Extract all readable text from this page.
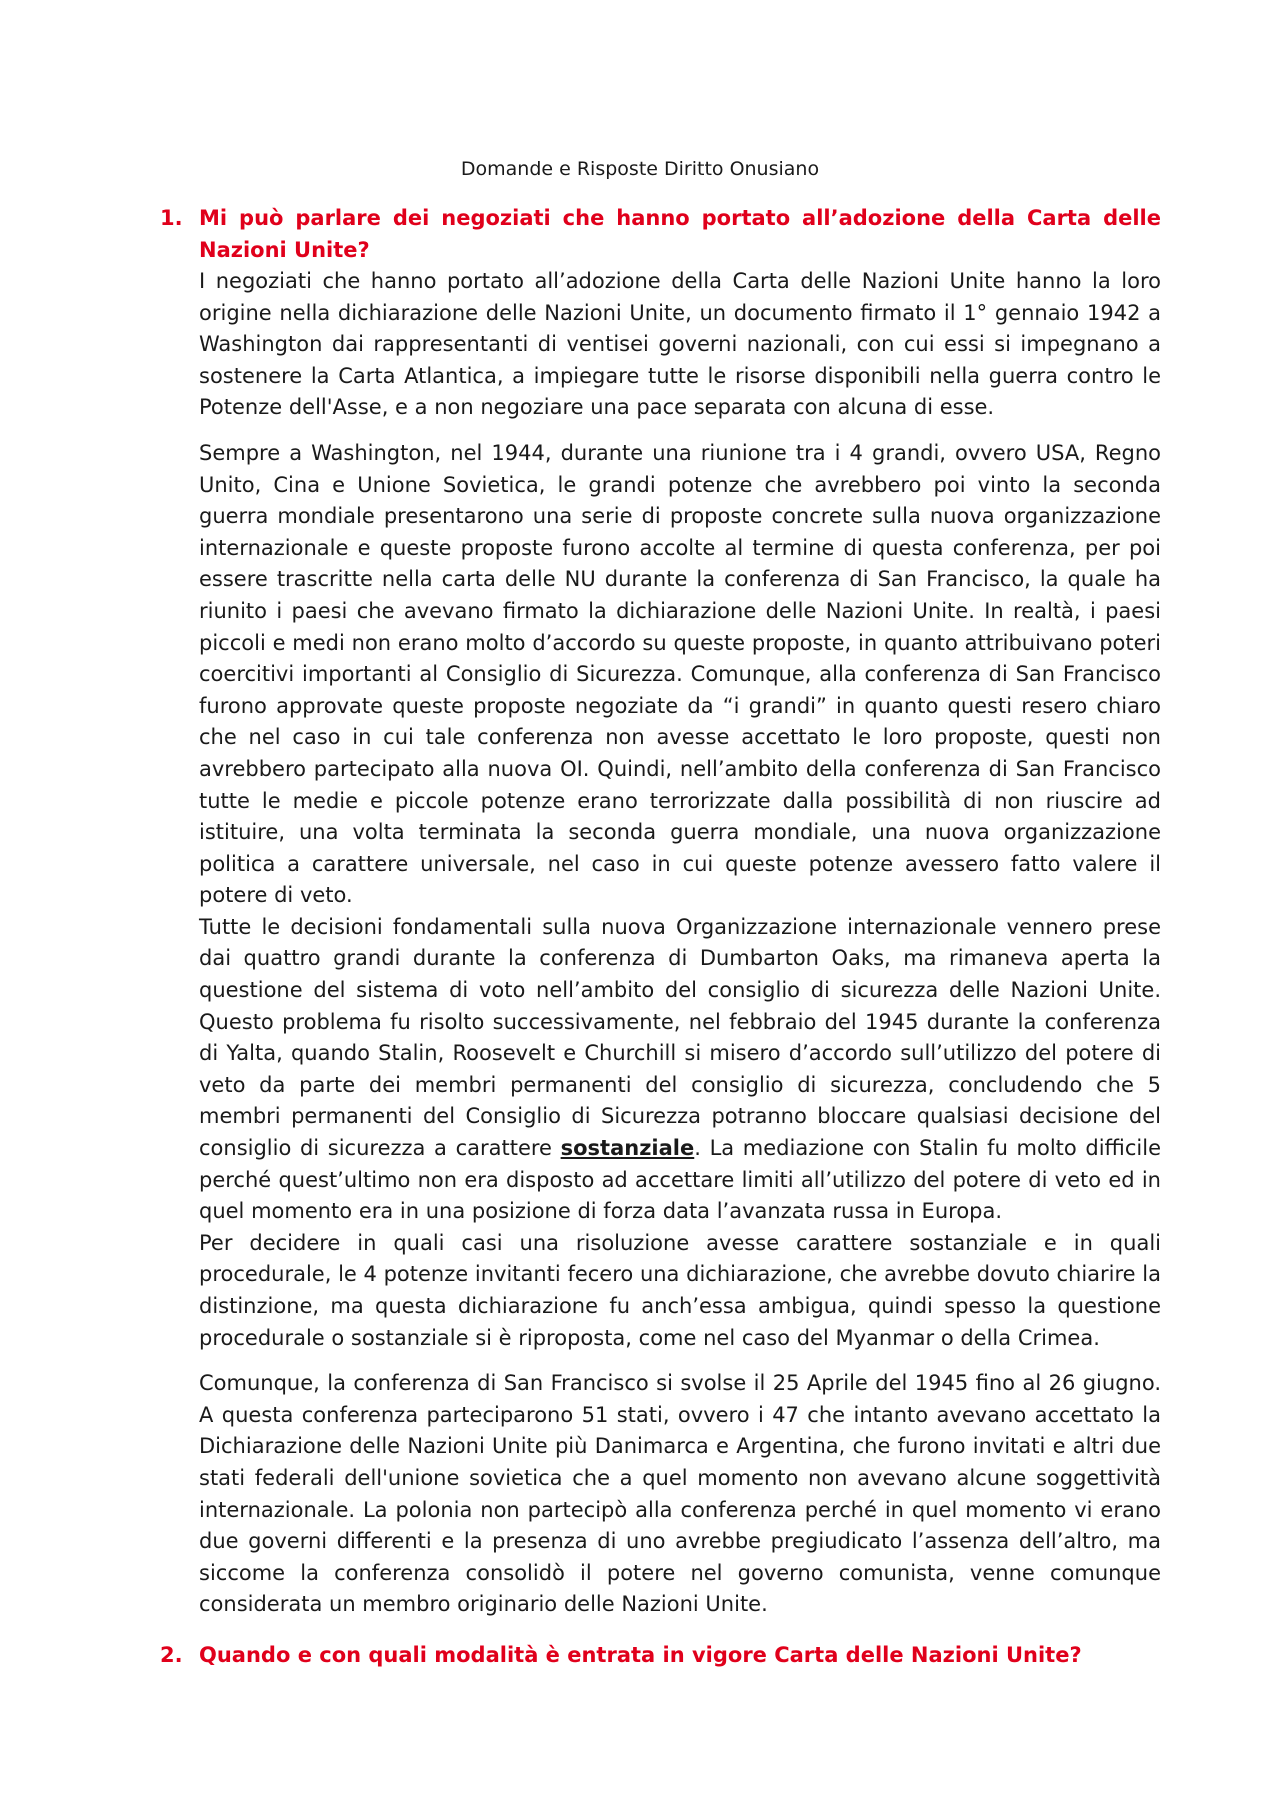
Domande e Risposte Diritto Onusiano
1. Mi può parlare dei negoziati che hanno portato all’adozione della Carta delle Nazioni Unite?

I negoziati che hanno portato all’adozione della Carta delle Nazioni Unite hanno la loro origine nella dichiarazione delle Nazioni Unite, un documento firmato il 1° gennaio 1942 a Washington dai rappresentanti di ventisei governi nazionali, con cui essi si impegnano a sostenere la Carta Atlantica, a impiegare tutte le risorse disponibili nella guerra contro le Potenze dell'Asse, e a non negoziare una pace separata con alcuna di esse.

Sempre a Washington, nel 1944, durante una riunione tra i 4 grandi, ovvero USA, Regno Unito, Cina e Unione Sovietica, le grandi potenze che avrebbero poi vinto la seconda guerra mondiale presentarono una serie di proposte concrete sulla nuova organizzazione internazionale e queste proposte furono accolte al termine di questa conferenza, per poi essere trascritte nella carta delle NU durante la conferenza di San Francisco, la quale ha riunito i paesi che avevano firmato la dichiarazione delle Nazioni Unite. In realtà, i paesi piccoli e medi non erano molto d’accordo su queste proposte, in quanto attribuivano poteri coercitivi importanti al Consiglio di Sicurezza. Comunque, alla conferenza di San Francisco furono approvate queste proposte negoziate da “i grandi” in quanto questi resero chiaro che nel caso in cui tale conferenza non avesse accettato le loro proposte, questi non avrebbero partecipato alla nuova OI. Quindi, nell’ambito della conferenza di San Francisco tutte le medie e piccole potenze erano terrorizzate dalla possibilità di non riuscire ad istituire, una volta terminata la seconda guerra mondiale, una nuova organizzazione politica a carattere universale, nel caso in cui queste potenze avessero fatto valere il potere di veto.

Tutte le decisioni fondamentali sulla nuova Organizzazione internazionale vennero prese dai quattro grandi durante la conferenza di Dumbarton Oaks, ma rimaneva aperta la questione del sistema di voto nell’ambito del consiglio di sicurezza delle Nazioni Unite. Questo problema fu risolto successivamente, nel febbraio del 1945 durante la conferenza di Yalta, quando Stalin, Roosevelt e Churchill si misero d’accordo sull’utilizzo del potere di veto da parte dei membri permanenti del consiglio di sicurezza, concludendo che 5 membri permanenti del Consiglio di Sicurezza potranno bloccare qualsiasi decisione del consiglio di sicurezza a carattere sostanziale. La mediazione con Stalin fu molto difficile perché quest’ultimo non era disposto ad accettare limiti all’utilizzo del potere di veto ed in quel momento era in una posizione di forza data l’avanzata russa in Europa.

Per decidere in quali casi una risoluzione avesse carattere sostanziale e in quali procedurale, le 4 potenze invitanti fecero una dichiarazione, che avrebbe dovuto chiarire la distinzione, ma questa dichiarazione fu anch’essa ambigua, quindi spesso la questione procedurale o sostanziale si è riproposta, come nel caso del Myanmar o della Crimea.

Comunque, la conferenza di San Francisco si svolse il 25 Aprile del 1945 fino al 26 giugno. A questa conferenza parteciparono 51 stati, ovvero i 47 che intanto avevano accettato la Dichiarazione delle Nazioni Unite più Danimarca e Argentina, che furono invitati e altri due stati federali dell'unione sovietica che a quel momento non avevano alcune soggettività internazionale. La polonia non partecipò alla conferenza perché in quel momento vi erano due governi differenti e la presenza di uno avrebbe pregiudicato l’assenza dell’altro, ma siccome la conferenza consolidò il potere nel governo comunista, venne comunque considerata un membro originario delle Nazioni Unite.

2. Quando e con quali modalità è entrata in vigore Carta delle Nazioni Unite?
